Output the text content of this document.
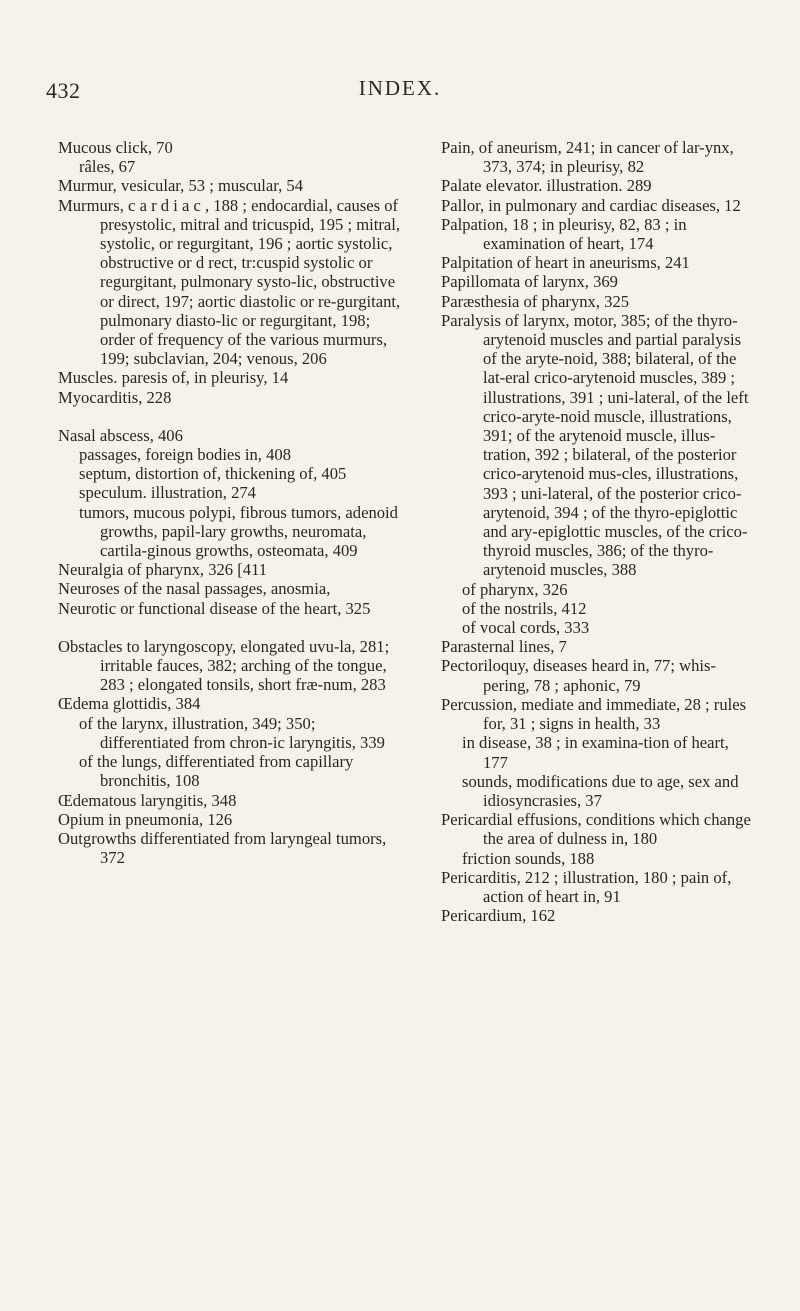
432	INDEX.
Mucous click, 70
râles, 67
Murmur, vesicular, 53 ; muscular, 54
Murmurs, c a r d i a c , 188 ; endocardial, causes of presystolic, mitral and tricuspid, 195 ; mitral, systolic, or regurgitant, 196 ; aortic systolic, obstructive or d rect, tr:cuspid systolic or regurgitant, pulmonary systo-lic, obstructive or direct, 197; aortic diastolic or re-gurgitant, pulmonary diasto-lic or regurgitant, 198; order of frequency of the various murmurs, 199; subclavian, 204; venous, 206
Muscles. paresis of, in pleurisy, 14
Myocarditis, 228
Nasal abscess, 406
passages, foreign bodies in, 408
septum, distortion of, thickening of, 405
speculum. illustration, 274
tumors, mucous polypi, fibrous tumors, adenoid growths, papil-lary growths, neuromata, cartila-ginous growths, osteomata, 409
Neuralgia of pharynx, 326 [411
Neuroses of the nasal passages, anosmia,
Neurotic or functional disease of the heart, 325
Obstacles to laryngoscopy, elongated uvu-la, 281; irritable fauces, 382; arching of the tongue, 283 ; elongated tonsils, short fræ-num, 283
Œdema glottidis, 384
of the larynx, illustration, 349; 350; differentiated from chron-ic laryngitis, 339
of the lungs, differentiated from capillary bronchitis, 108
Œdematous laryngitis, 348
Opium in pneumonia, 126
Outgrowths differentiated from laryngeal tumors, 372
Pain, of aneurism, 241; in cancer of lar-ynx, 373, 374; in pleurisy, 82
Palate elevator. illustration. 289
Pallor, in pulmonary and cardiac diseases, 12
Palpation, 18 ; in pleurisy, 82, 83 ; in examination of heart, 174
Palpitation of heart in aneurisms, 241
Papillomata of larynx, 369
Paræsthesia of pharynx, 325
Paralysis of larynx, motor, 385; of the thyro-arytenoid muscles and partial paralysis of the aryte-noid, 388; bilateral, of the lat-eral crico-arytenoid muscles, 389 ; illustrations, 391 ; uni-lateral, of the left crico-aryte-noid muscle, illustrations, 391; of the arytenoid muscle, illus-tration, 392 ; bilateral, of the posterior crico-arytenoid mus-cles, illustrations, 393 ; uni-lateral, of the posterior crico-arytenoid, 394 ; of the thyro-epiglottic and ary-epiglottic muscles, of the crico-thyroid muscles, 386; of the thyro-arytenoid muscles, 388
of pharynx, 326
of the nostrils, 412
of vocal cords, 333
Parasternal lines, 7
Pectoriloquy, diseases heard in, 77; whis-pering, 78 ; aphonic, 79
Percussion, mediate and immediate, 28 ; rules for, 31 ; signs in health, 33
in disease, 38 ; in examina-tion of heart, 177
sounds, modifications due to age, sex and idiosyncrasies, 37
Pericardial effusions, conditions which change the area of dulness in, 180
friction sounds, 188
Pericarditis, 212 ; illustration, 180 ; pain of, action of heart in, 91
Pericardium, 162
